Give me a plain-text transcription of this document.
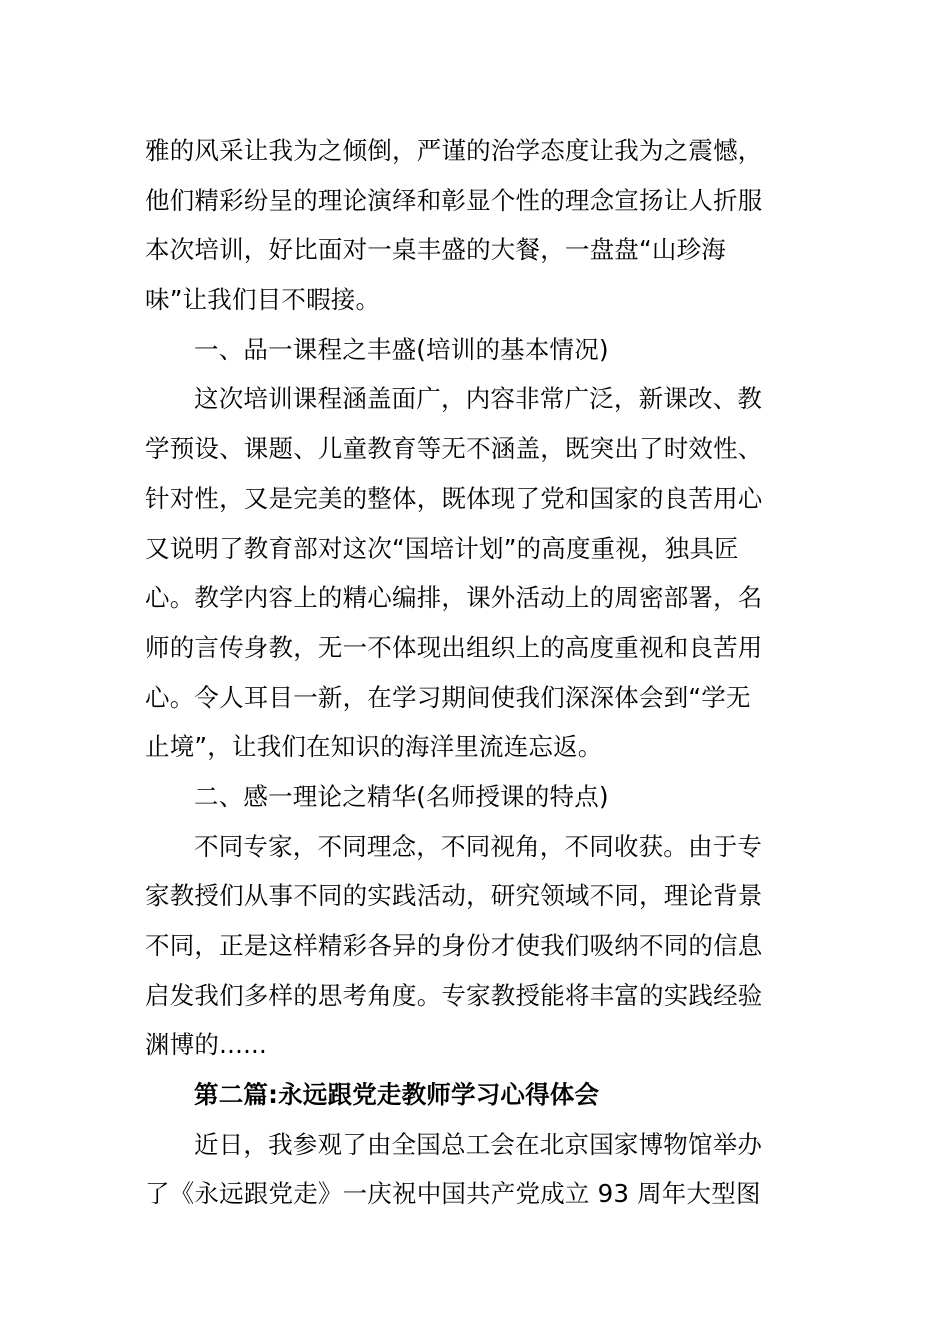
雅的风采让我为之倾倒，严谨的治学态度让我为之震憾，
他们精彩纷呈的理论演绎和彰显个性的理念宣扬让人折服
本次培训，好比面对一桌丰盛的大餐，一盘盘“山珍海
味”让我们目不暇接。
一、品一课程之丰盛(培训的基本情况)
这次培训课程涵盖面广，内容非常广泛，新课改、教
学预设、课题、儿童教育等无不涵盖，既突出了时效性、
针对性，又是完美的整体，既体现了党和国家的良苦用心
又说明了教育部对这次“国培计划”的高度重视，独具匠
心。教学内容上的精心编排，课外活动上的周密部署，名
师的言传身教，无一不体现出组织上的高度重视和良苦用
心。令人耳目一新，在学习期间使我们深深体会到“学无
止境”，让我们在知识的海洋里流连忘返。
二、感一理论之精华(名师授课的特点)
不同专家，不同理念，不同视角，不同收获。由于专
家教授们从事不同的实践活动，研究领域不同，理论背景
不同，正是这样精彩各异的身份才使我们吸纳不同的信息
启发我们多样的思考角度。专家教授能将丰富的实践经验
渊博的......
第二篇:永远跟党走教师学习心得体会
近日，我参观了由全国总工会在北京国家博物馆举办
了《永远跟党走》一庆祝中国共产党成立 93 周年大型图
